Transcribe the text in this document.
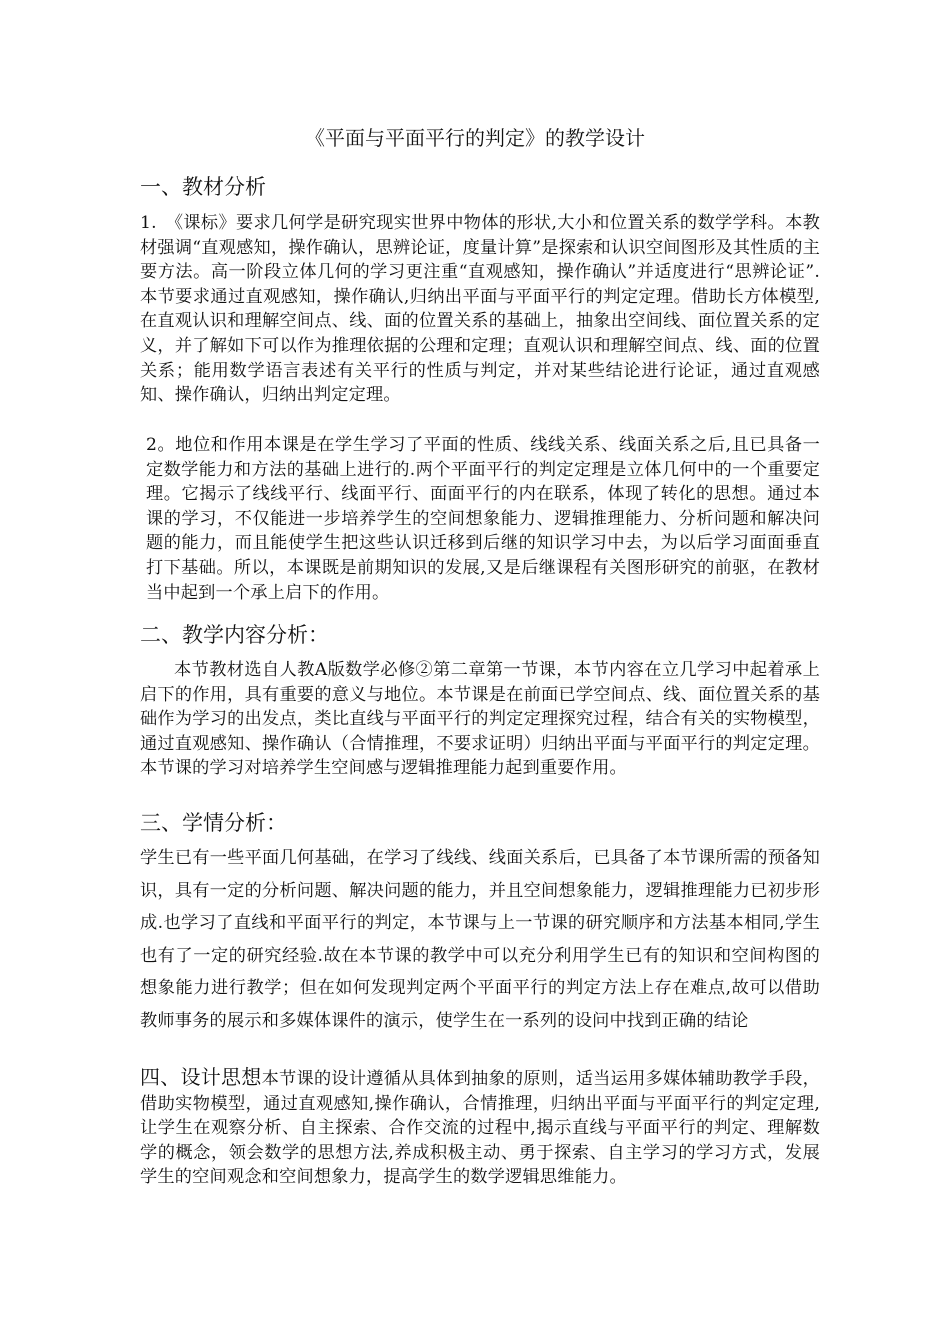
《平面与平面平行的判定》的教学设计
一、教材分析
1.　《课标》要求几何学是研究现实世界中物体的形状,大小和位置关系的数学学科。本教材强调“直观感知，操作确认，思辨论证，度量计算”是探索和认识空间图形及其性质的主要方法。高一阶段立体几何的学习更注重“直观感知，操作确认”并适度进行“思辨论证”.本节要求通过直观感知，操作确认,归纳出平面与平面平行的判定定理。借助长方体模型,在直观认识和理解空间点、线、面的位置关系的基础上，抽象出空间线、面位置关系的定义，并了解如下可以作为推理依据的公理和定理；直观认识和理解空间点、线、面的位置关系；能用数学语言表述有关平行的性质与判定，并对某些结论进行论证，通过直观感知、操作确认，归纳出判定定理。
2。地位和作用本课是在学生学习了平面的性质、线线关系、线面关系之后,且已具备一定数学能力和方法的基础上进行的.两个平面平行的判定定理是立体几何中的一个重要定理。它揭示了线线平行、线面平行、面面平行的内在联系，体现了转化的思想。通过本课的学习，不仅能进一步培养学生的空间想象能力、逻辑推理能力、分析问题和解决问题的能力，而且能使学生把这些认识迁移到后继的知识学习中去，为以后学习面面垂直打下基础。所以，本课既是前期知识的发展,又是后继课程有关图形研究的前驱，在教材当中起到一个承上启下的作用。
二、教学内容分析：
本节教材选自人教A版数学必修②第二章第一节课，本节内容在立几学习中起着承上启下的作用，具有重要的意义与地位。本节课是在前面已学空间点、线、面位置关系的基础作为学习的出发点，类比直线与平面平行的判定定理探究过程，结合有关的实物模型，通过直观感知、操作确认（合情推理，不要求证明）归纳出平面与平面平行的判定定理。本节课的学习对培养学生空间感与逻辑推理能力起到重要作用。
三、学情分析：
学生已有一些平面几何基础，在学习了线线、线面关系后，已具备了本节课所需的预备知识，具有一定的分析问题、解决问题的能力，并且空间想象能力，逻辑推理能力已初步形成.也学习了直线和平面平行的判定，本节课与上一节课的研究顺序和方法基本相同,学生也有了一定的研究经验.故在本节课的教学中可以充分利用学生已有的知识和空间构图的想象能力进行教学；但在如何发现判定两个平面平行的判定方法上存在难点,故可以借助教师事务的展示和多媒体课件的演示，使学生在一系列的设问中找到正确的结论
四、设计思想本节课的设计遵循从具体到抽象的原则，适当运用多媒体辅助教学手段，借助实物模型，通过直观感知,操作确认，合情推理，归纳出平面与平面平行的判定定理,让学生在观察分析、自主探索、合作交流的过程中,揭示直线与平面平行的判定、理解数学的概念，领会数学的思想方法,养成积极主动、勇于探索、自主学习的学习方式，发展学生的空间观念和空间想象力，提高学生的数学逻辑思维能力。
